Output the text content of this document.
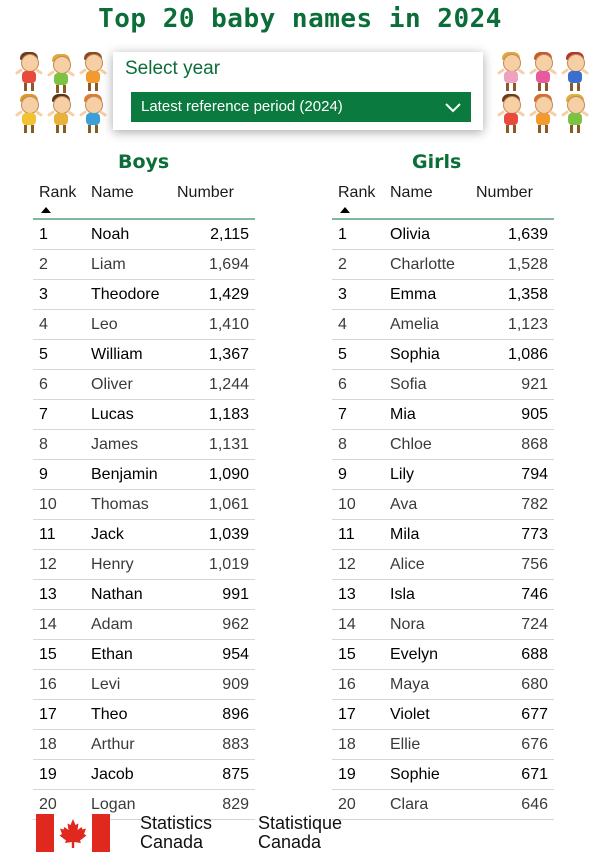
Top 20 baby names in 2024
Select year
Latest reference period (2024)
Boys	Girls
Rank	Name	Number
1	Noah	2,115
2	Liam	1,694
3	Theodore	1,429
4	Leo	1,410
5	William	1,367
6	Oliver	1,244
7	Lucas	1,183
8	James	1,131
9	Benjamin	1,090
10	Thomas	1,061
11	Jack	1,039
12	Henry	1,019
13	Nathan	991
14	Adam	962
15	Ethan	954
16	Levi	909
17	Theo	896
18	Arthur	883
19	Jacob	875
20	Logan	829
Rank	Name	Number
1	Olivia	1,639
2	Charlotte	1,528
3	Emma	1,358
4	Amelia	1,123
5	Sophia	1,086
6	Sofia	921
7	Mia	905
8	Chloe	868
9	Lily	794
10	Ava	782
11	Mila	773
12	Alice	756
13	Isla	746
14	Nora	724
15	Evelyn	688
16	Maya	680
17	Violet	677
18	Ellie	676
19	Sophie	671
20	Clara	646
Statistics
Canada
Statistique
Canada
